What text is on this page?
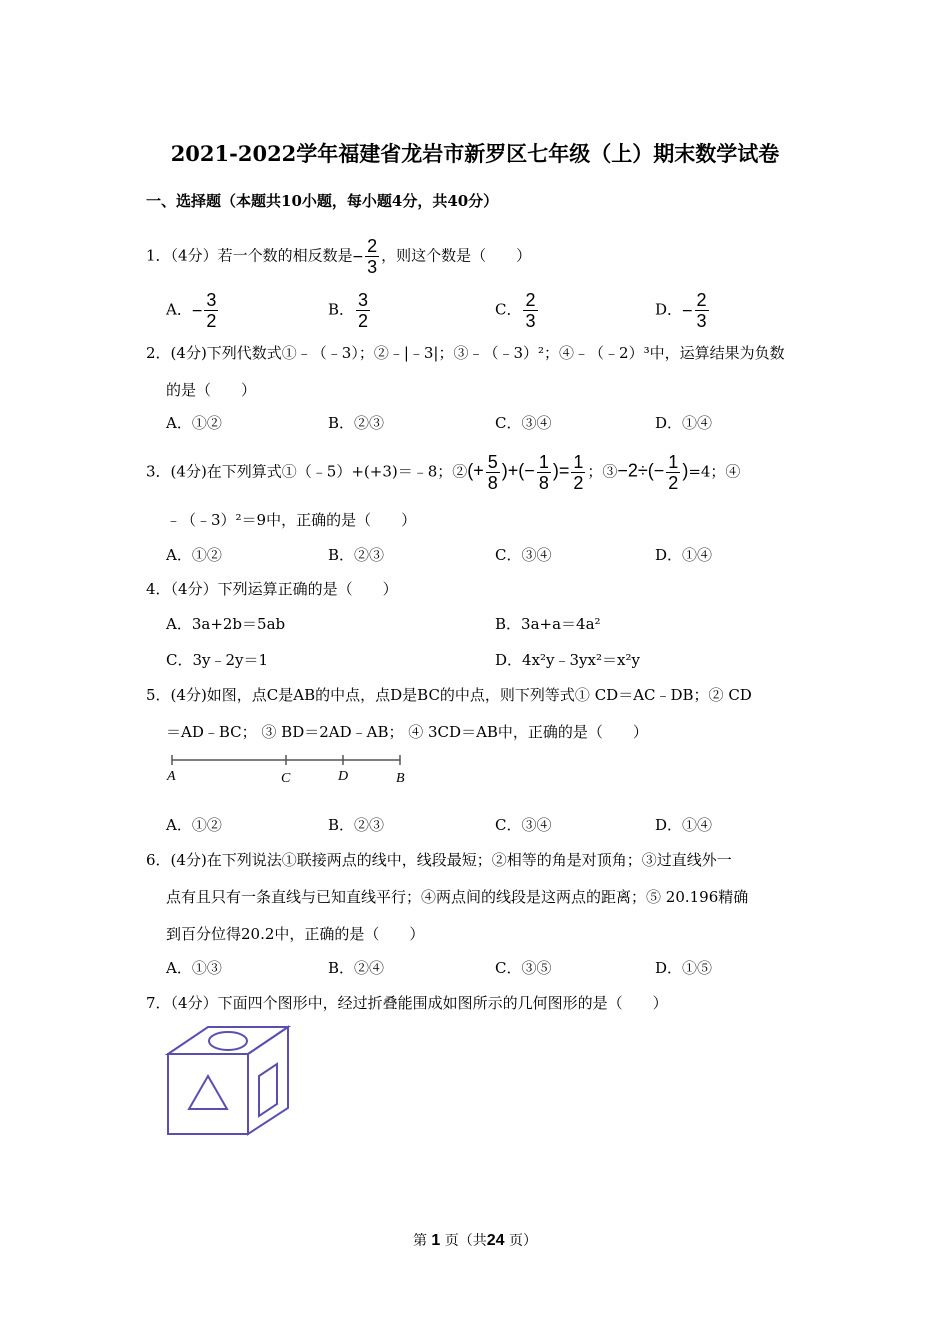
2021-2022学年福建省龙岩市新罗区七年级（上）期末数学试卷
一、选择题（本题共10小题，每小题4分，共40分）
1．（4分）若一个数的相反数是− $\frac{2}{3}$ ，则这个数是（　　）
A．− $\frac{3}{2}$	B． $\frac{3}{2}$	C． $\frac{2}{3}$	D．− $\frac{2}{3}$
2．(4分)下列代数式①﹣（﹣3）；②﹣|﹣3|；③﹣（﹣3）²；④﹣（﹣2）³中，运算结果为负数
的是（　　）
A．①②	B．②③	C．③④	D．①④
3．(4分)在下列算式①（﹣5）+(+3)＝﹣8；②(+ $\frac{5}{8}$ )+(− $\frac{1}{8}$ )= $\frac{1}{2}$ ；③−2÷(− $\frac{1}{2} )=4$；④
﹣（﹣3）²＝9中，正确的是（　　）
A．①②	B．②③	C．③④	D．①④
4．（4分）下列运算正确的是（　　）
A．3a+2b＝5ab	B．3a+a＝4a²
C．3y﹣2y＝1	D．4x²y﹣3yx²＝x²y
5．(4分)如图，点C是AB的中点，点D是BC的中点，则下列等式① CD＝AC﹣DB；② CD
＝AD﹣BC； ③ BD＝2AD﹣AB； ④ 3CD＝AB中，正确的是（　　）
A	C	D	B
A．①②	B．②③	C．③④	D．①④
6．(4分)在下列说法①联接两点的线中，线段最短；②相等的角是对顶角；③过直线外一
点有且只有一条直线与已知直线平行；④两点间的线段是这两点的距离；⑤ 20.196精确
到百分位得20.2中，正确的是（　　）
A．①③	B．②④	C．③⑤	D．①⑤
7．（4分）下面四个图形中，经过折叠能围成如图所示的几何图形的是（　　）
第 1 页（共24 页）
